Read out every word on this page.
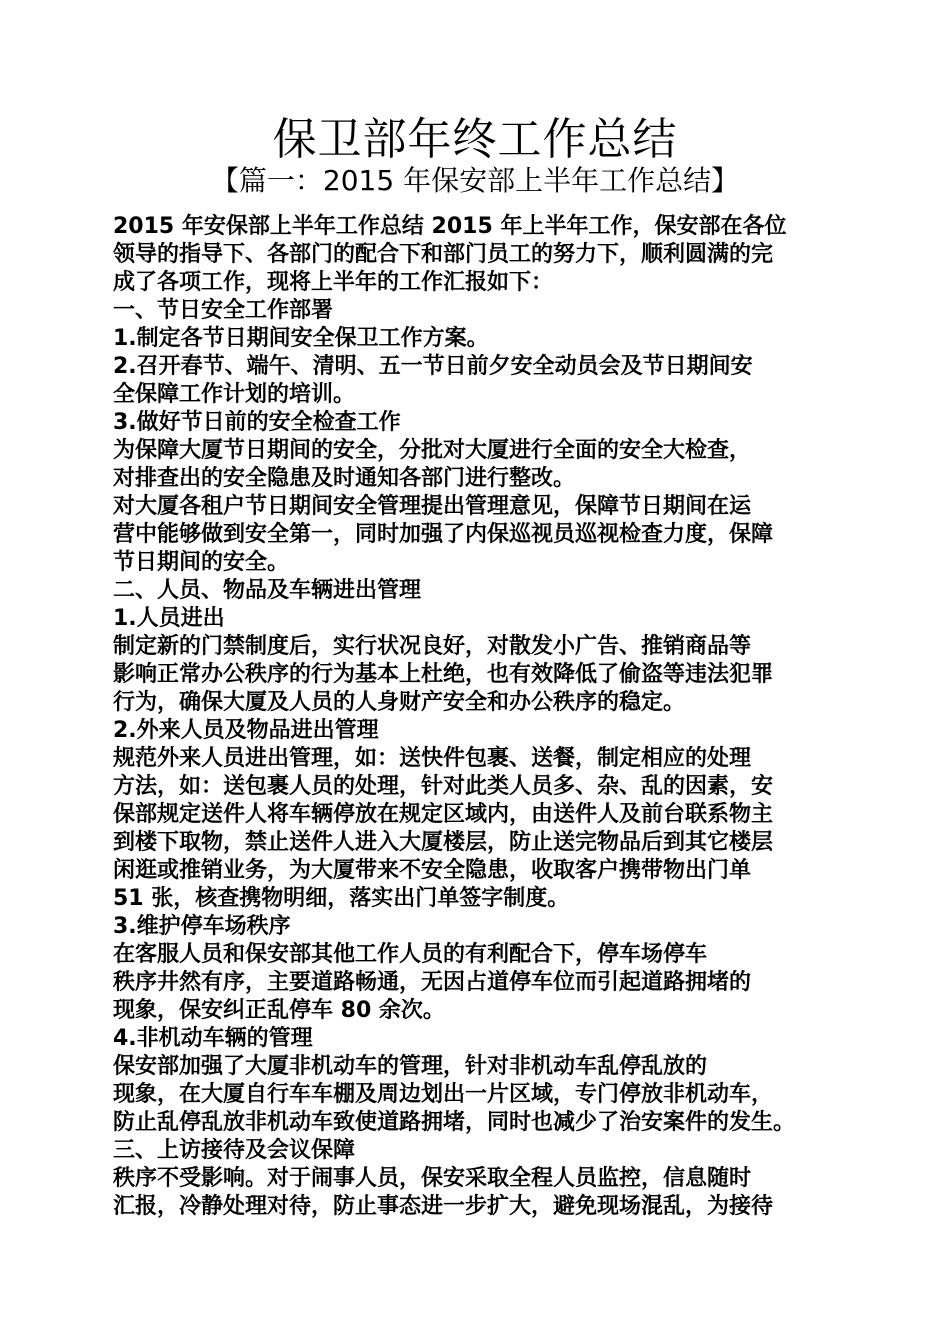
保卫部年终工作总结
【篇一：2015 年保安部上半年工作总结】
2015 年安保部上半年工作总结 2015 年上半年工作，保安部在各位
领导的指导下、各部门的配合下和部门员工的努力下，顺利圆满的完
成了各项工作，现将上半年的工作汇报如下：
一、节日安全工作部署
1.制定各节日期间安全保卫工作方案。
2.召开春节、端午、清明、五一节日前夕安全动员会及节日期间安
全保障工作计划的培训。
3.做好节日前的安全检查工作
为保障大厦节日期间的安全，分批对大厦进行全面的安全大检查，
对排查出的安全隐患及时通知各部门进行整改。
对大厦各租户节日期间安全管理提出管理意见，保障节日期间在运
营中能够做到安全第一，同时加强了内保巡视员巡视检查力度，保障
节日期间的安全。
二、人员、物品及车辆进出管理
1.人员进出
制定新的门禁制度后，实行状况良好，对散发小广告、推销商品等
影响正常办公秩序的行为基本上杜绝，也有效降低了偷盗等违法犯罪
行为，确保大厦及人员的人身财产安全和办公秩序的稳定。
2.外来人员及物品进出管理
规范外来人员进出管理，如：送快件包裹、送餐，制定相应的处理
方法，如：送包裹人员的处理，针对此类人员多、杂、乱的因素，安
保部规定送件人将车辆停放在规定区域内，由送件人及前台联系物主
到楼下取物，禁止送件人进入大厦楼层，防止送完物品后到其它楼层
闲逛或推销业务，为大厦带来不安全隐患，收取客户携带物出门单
51 张，核查携物明细，落实出门单签字制度。
3.维护停车场秩序
在客服人员和保安部其他工作人员的有利配合下，停车场停车
秩序井然有序，主要道路畅通，无因占道停车位而引起道路拥堵的
现象，保安纠正乱停车 80 余次。
4.非机动车辆的管理
保安部加强了大厦非机动车的管理，针对非机动车乱停乱放的
现象，在大厦自行车车棚及周边划出一片区域，专门停放非机动车，
防止乱停乱放非机动车致使道路拥堵，同时也减少了治安案件的发生。
三、上访接待及会议保障
秩序不受影响。对于闹事人员，保安采取全程人员监控，信息随时
汇报，冷静处理对待，防止事态进一步扩大，避免现场混乱，为接待
